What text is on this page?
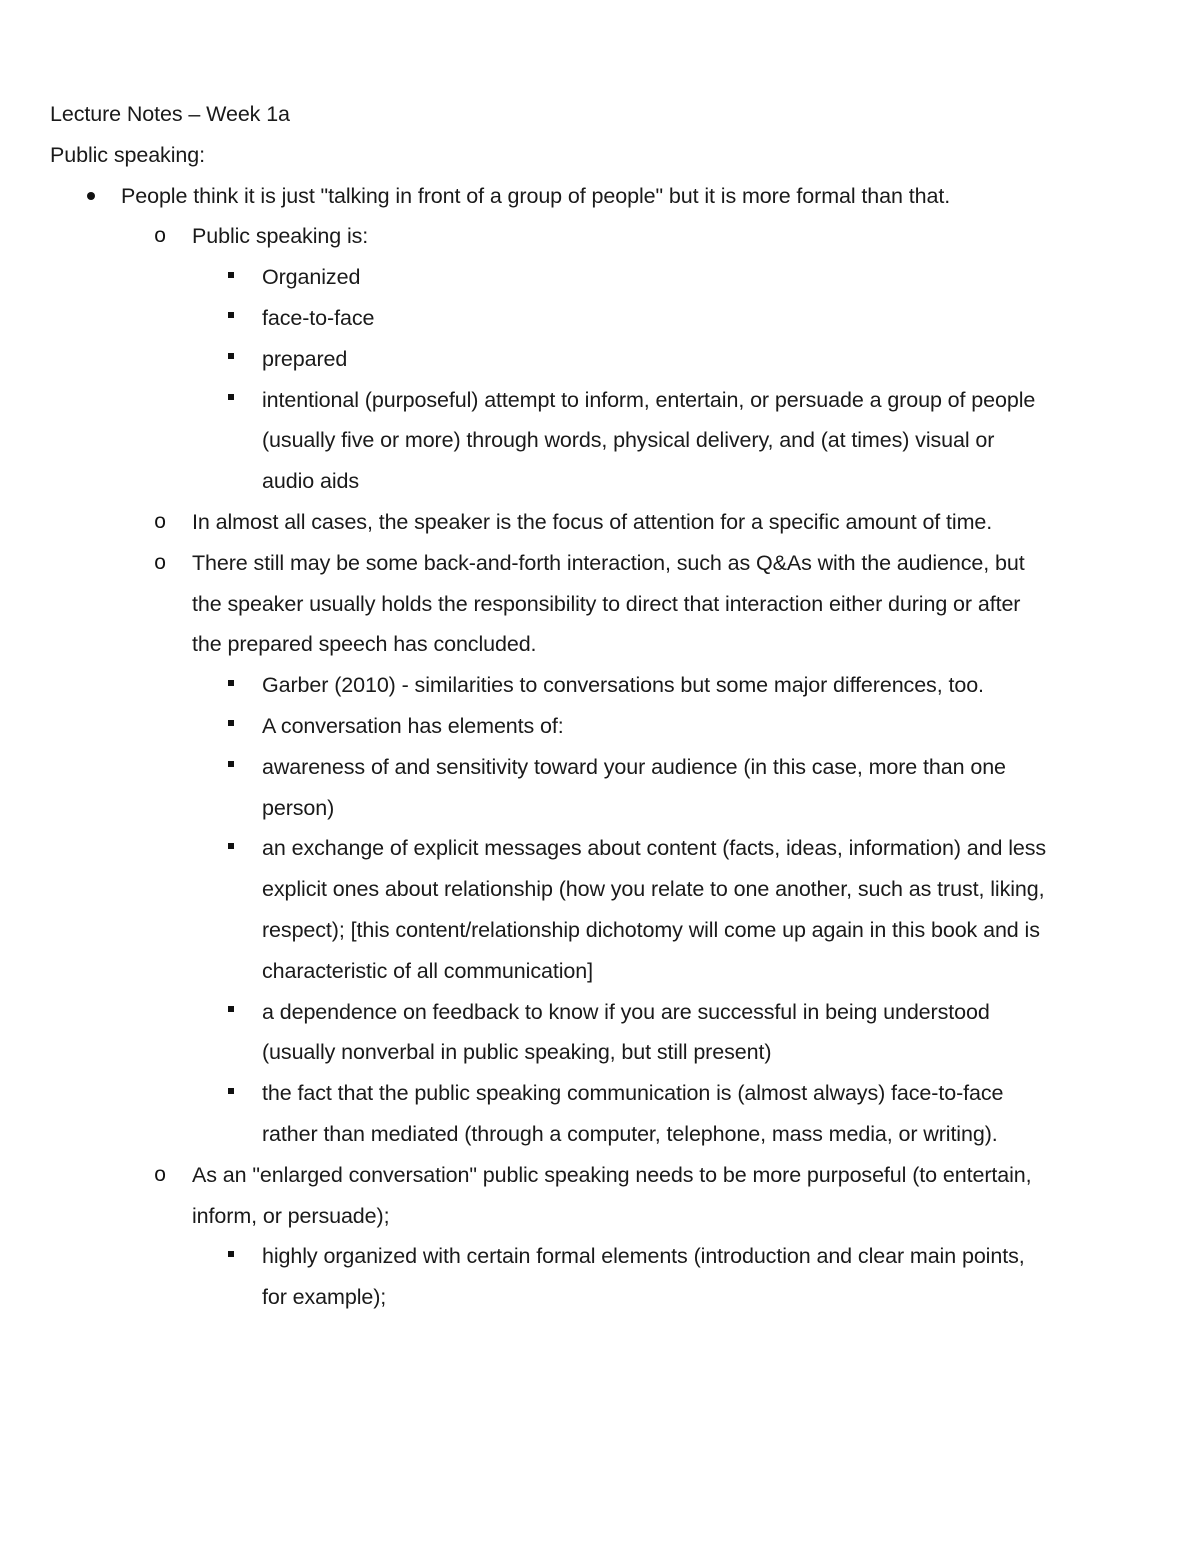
Lecture Notes – Week 1a
Public speaking:
People think it is just "talking in front of a group of people" but it is more formal than that.
o Public speaking is:
Organized
face-to-face
prepared
intentional (purposeful) attempt to inform, entertain, or persuade a group of people (usually five or more) through words, physical delivery, and (at times) visual or audio aids
o In almost all cases, the speaker is the focus of attention for a specific amount of time.
o There still may be some back-and-forth interaction, such as Q&As with the audience, but the speaker usually holds the responsibility to direct that interaction either during or after the prepared speech has concluded.
Garber (2010) - similarities to conversations but some major differences, too.
A conversation has elements of:
awareness of and sensitivity toward your audience (in this case, more than one person)
an exchange of explicit messages about content (facts, ideas, information) and less explicit ones about relationship (how you relate to one another, such as trust, liking, respect); [this content/relationship dichotomy will come up again in this book and is characteristic of all communication]
a dependence on feedback to know if you are successful in being understood (usually nonverbal in public speaking, but still present)
the fact that the public speaking communication is (almost always) face-to-face rather than mediated (through a computer, telephone, mass media, or writing).
o As an "enlarged conversation" public speaking needs to be more purposeful (to entertain, inform, or persuade);
highly organized with certain formal elements (introduction and clear main points, for example);
